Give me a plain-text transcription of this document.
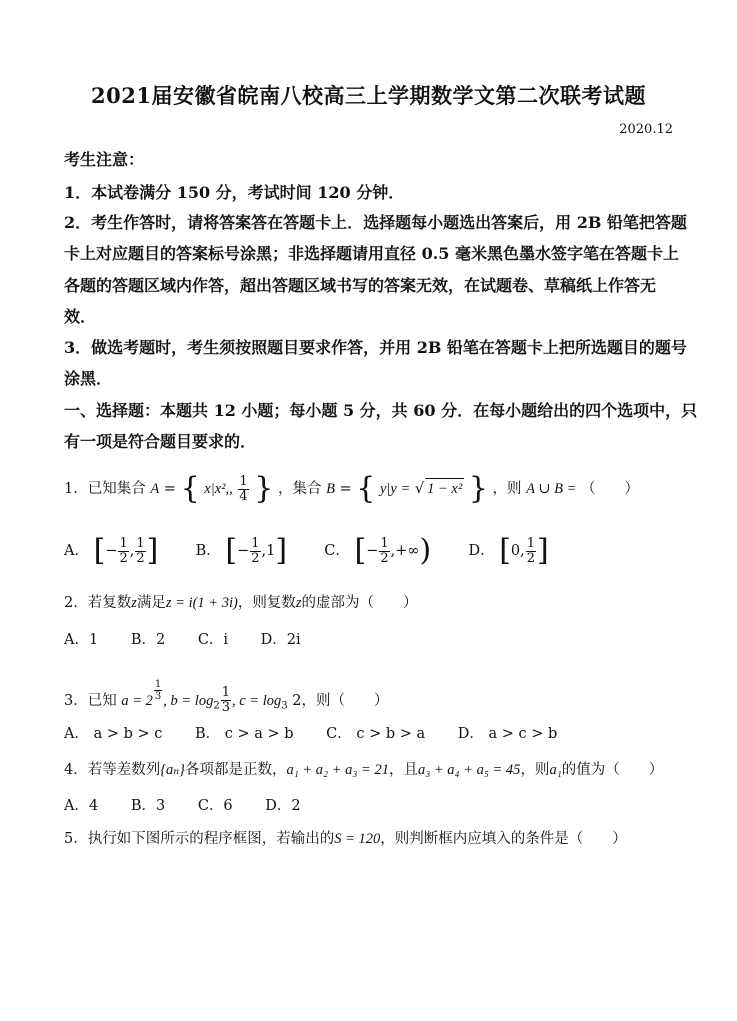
2021届安徽省皖南八校高三上学期数学文第二次联考试题
2020.12
考生注意：
1．本试卷满分 150 分，考试时间 120 分钟．
2．考生作答时，请将答案答在答题卡上．选择题每小题选出答案后，用 2B 铅笔把答题
卡上对应题目的答案标号涂黑；非选择题请用直径 0.5 毫米黑色墨水签字笔在答题卡上
各题的答题区域内作答，超出答题区域书写的答案无效，在试题卷、草稿纸上作答无
效．
3．做选考题时，考生须按照题目要求作答，并用 2B 铅笔在答题卡上把所选题目的题号
涂黑．
一、选择题：本题共 12 小题；每小题 5 分，共 60 分．在每小题给出的四个选项中，只
有一项是符合题目要求的．
1．已知集合 A = { x|x²,, $\frac{1}{4}$ } ，集合 B = { y|y = √ 1 − x² } ，则 A ∪ B = （　　）
A． [− $\frac{1}{2}$ , $\frac{1}{2}$ ]	B． [− $\frac{1}{2} ,1$]	C． [− $\frac{1}{2}$ ,+∞)	D． [0, $\frac{1}{2}$ ]
2．若复数z满足z = i(1 + 3i)，则复数z的虚部为（　　）
A．1 B．2 C．i D．2i
3．已知 a = 2 $^{\frac{1}{3}}$ , $b = \log_2 \frac{1}{3}$ , $c = \log_3 2$，则（　　）
A． a > b > c B． c > a > b C． c > b > a D． a > c > b
4．若等差数列{aₙ}各项都是正数，a₁ + a₂ + a₃ = 21，且a₃ + a₄ + a₅ = 45，则a₁的值为（　　）
A．4 B．3 C．6 D．2
5．执行如下图所示的程序框图，若输出的S = 120，则判断框内应填入的条件是（　　）
